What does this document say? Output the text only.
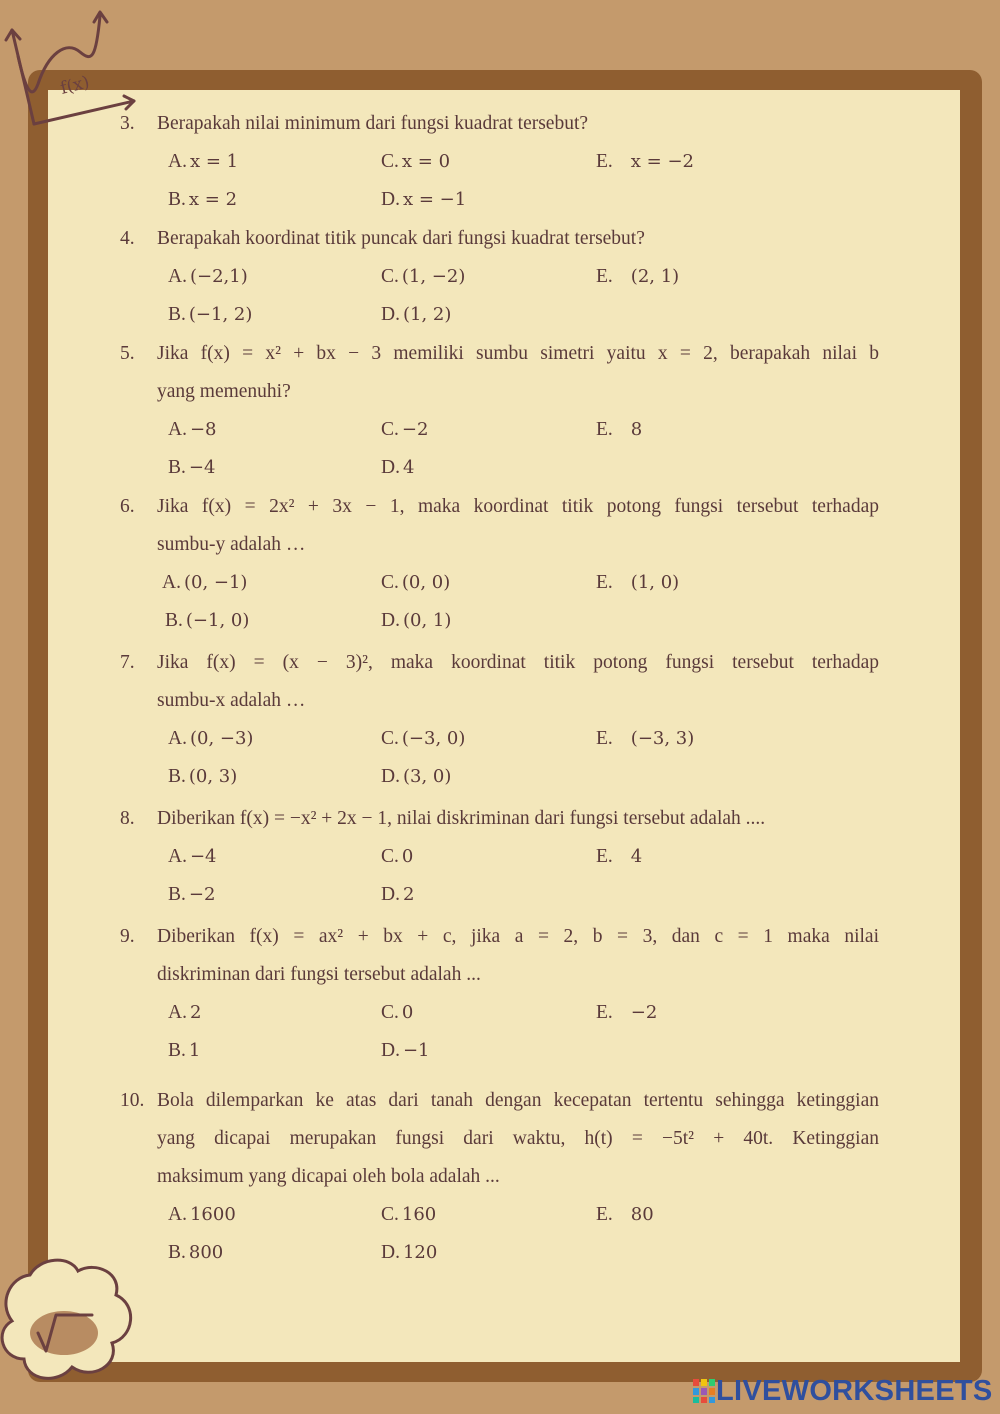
f(x)
3. Berapakah nilai minimum dari fungsi kuadrat tersebut?
A. x = 1	C. x = 0	E. x = −2
B. x = 2	D. x = −1
4. Berapakah koordinat titik puncak dari fungsi kuadrat tersebut?
A. (−2,1)	C. (1, −2)	E. (2, 1)
B. (−1, 2)	D. (1, 2)
5. Jika f(x) = x² + bx − 3 memiliki sumbu simetri yaitu x = 2, berapakah nilai b
yang memenuhi?
A. −8	C. −2	E. 8
B. −4	D. 4
6. Jika f(x) = 2x² + 3x − 1, maka koordinat titik potong fungsi tersebut terhadap
sumbu-y adalah …
A. (0, −1)	C. (0, 0)	E. (1, 0)
B. (−1, 0)	D. (0, 1)
7. Jika f(x) = (x − 3)², maka koordinat titik potong fungsi tersebut terhadap
sumbu-x adalah …
A. (0, −3)	C. (−3, 0)	E. (−3, 3)
B. (0, 3)	D. (3, 0)
8. Diberikan f(x) = −x² + 2x − 1, nilai diskriminan dari fungsi tersebut adalah ....
A. −4	C. 0	E. 4
B. −2	D. 2
9. Diberikan f(x) = ax² + bx + c, jika a = 2, b = 3, dan c = 1 maka nilai
diskriminan dari fungsi tersebut adalah ...
A. 2	C. 0	E. −2
B. 1	D. −1
10. Bola dilemparkan ke atas dari tanah dengan kecepatan tertentu sehingga ketinggian
yang dicapai merupakan fungsi dari waktu, h(t) = −5t² + 40t. Ketinggian
maksimum yang dicapai oleh bola adalah ...
A. 1600	C. 160	E. 80
B. 800	D. 120
LIVEWORKSHEETS
